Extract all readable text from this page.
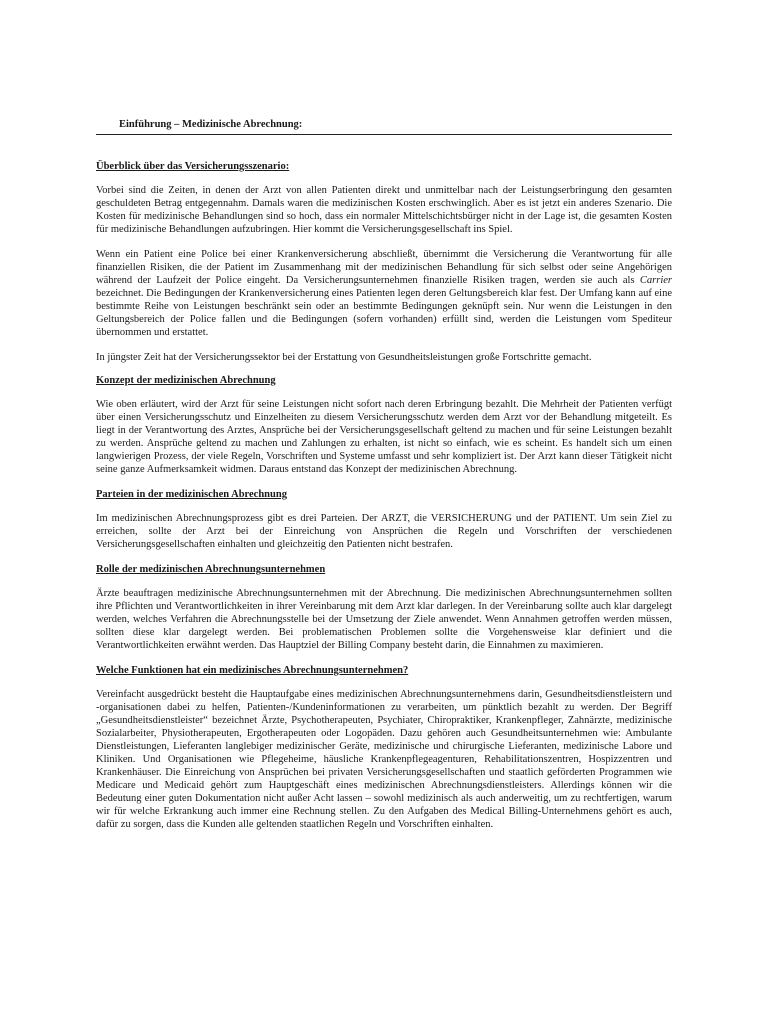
Einführung – Medizinische Abrechnung:
Überblick über das Versicherungsszenario:

Vorbei sind die Zeiten, in denen der Arzt von allen Patienten direkt und unmittelbar nach der Leistungserbringung den gesamten geschuldeten Betrag entgegennahm. Damals waren die medizinischen Kosten erschwinglich. Aber es ist jetzt ein anderes Szenario. Die Kosten für medizinische Behandlungen sind so hoch, dass ein normaler Mittelschichtsbürger nicht in der Lage ist, die gesamten Kosten für medizinische Behandlungen aufzubringen. Hier kommt die Versicherungsgesellschaft ins Spiel.

Wenn ein Patient eine Police bei einer Krankenversicherung abschließt, übernimmt die Versicherung die Verantwortung für alle finanziellen Risiken, die der Patient im Zusammenhang mit der medizinischen Behandlung für sich selbst oder seine Angehörigen während der Laufzeit der Police eingeht. Da Versicherungsunternehmen finanzielle Risiken tragen, werden sie auch als Carrier bezeichnet. Die Bedingungen der Krankenversicherung eines Patienten legen deren Geltungsbereich klar fest. Der Umfang kann auf eine bestimmte Reihe von Leistungen beschränkt sein oder an bestimmte Bedingungen geknüpft sein. Nur wenn die Leistungen in den Geltungsbereich der Police fallen und die Bedingungen (sofern vorhanden) erfüllt sind, werden die Leistungen vom Spediteur übernommen und erstattet.

In jüngster Zeit hat der Versicherungssektor bei der Erstattung von Gesundheitsleistungen große Fortschritte gemacht.

Konzept der medizinischen Abrechnung

Wie oben erläutert, wird der Arzt für seine Leistungen nicht sofort nach deren Erbringung bezahlt. Die Mehrheit der Patienten verfügt über einen Versicherungsschutz und Einzelheiten zu diesem Versicherungsschutz werden dem Arzt vor der Behandlung mitgeteilt. Es liegt in der Verantwortung des Arztes, Ansprüche bei der Versicherungsgesellschaft geltend zu machen und für seine Leistungen bezahlt zu werden. Ansprüche geltend zu machen und Zahlungen zu erhalten, ist nicht so einfach, wie es scheint. Es handelt sich um einen langwierigen Prozess, der viele Regeln, Vorschriften und Systeme umfasst und sehr kompliziert ist. Der Arzt kann dieser Tätigkeit nicht seine ganze Aufmerksamkeit widmen. Daraus entstand das Konzept der medizinischen Abrechnung.

Parteien in der medizinischen Abrechnung

Im medizinischen Abrechnungsprozess gibt es drei Parteien. Der ARZT, die VERSICHERUNG und der PATIENT. Um sein Ziel zu erreichen, sollte der Arzt bei der Einreichung von Ansprüchen die Regeln und Vorschriften der verschiedenen Versicherungsgesellschaften einhalten und gleichzeitig den Patienten nicht bestrafen.

Rolle der medizinischen Abrechnungsunternehmen

Ärzte beauftragen medizinische Abrechnungsunternehmen mit der Abrechnung. Die medizinischen Abrechnungsunternehmen sollten ihre Pflichten und Verantwortlichkeiten in ihrer Vereinbarung mit dem Arzt klar darlegen. In der Vereinbarung sollte auch klar dargelegt werden, welches Verfahren die Abrechnungsstelle bei der Umsetzung der Ziele anwendet. Wenn Annahmen getroffen werden müssen, sollten diese klar dargelegt werden. Bei problematischen Problemen sollte die Vorgehensweise klar definiert und die Verantwortlichkeiten erwähnt werden. Das Hauptziel der Billing Company besteht darin, die Einnahmen zu maximieren.

Welche Funktionen hat ein medizinisches Abrechnungsunternehmen?

Vereinfacht ausgedrückt besteht die Hauptaufgabe eines medizinischen Abrechnungsunternehmens darin, Gesundheitsdienstleistern und -organisationen dabei zu helfen, Patienten-/Kundeninformationen zu verarbeiten, um pünktlich bezahlt zu werden. Der Begriff „Gesundheitsdienstleister“ bezeichnet Ärzte, Psychotherapeuten, Psychiater, Chiropraktiker, Krankenpfleger, Zahnärzte, medizinische Sozialarbeiter, Physiotherapeuten, Ergotherapeuten oder Logopäden. Dazu gehören auch Gesundheitsunternehmen wie: Ambulante Dienstleistungen, Lieferanten langlebiger medizinischer Geräte, medizinische und chirurgische Lieferanten, medizinische Labore und Kliniken. Und Organisationen wie Pflegeheime, häusliche Krankenpflegeagenturen, Rehabilitationszentren, Hospizzentren und Krankenhäuser. Die Einreichung von Ansprüchen bei privaten Versicherungsgesellschaften und staatlich geförderten Programmen wie Medicare und Medicaid gehört zum Hauptgeschäft eines medizinischen Abrechnungsdienstleisters. Allerdings können wir die Bedeutung einer guten Dokumentation nicht außer Acht lassen – sowohl medizinisch als auch anderweitig, um zu rechtfertigen, warum wir für welche Erkrankung auch immer eine Rechnung stellen. Zu den Aufgaben des Medical Billing-Unternehmens gehört es auch, dafür zu sorgen, dass die Kunden alle geltenden staatlichen Regeln und Vorschriften einhalten.
